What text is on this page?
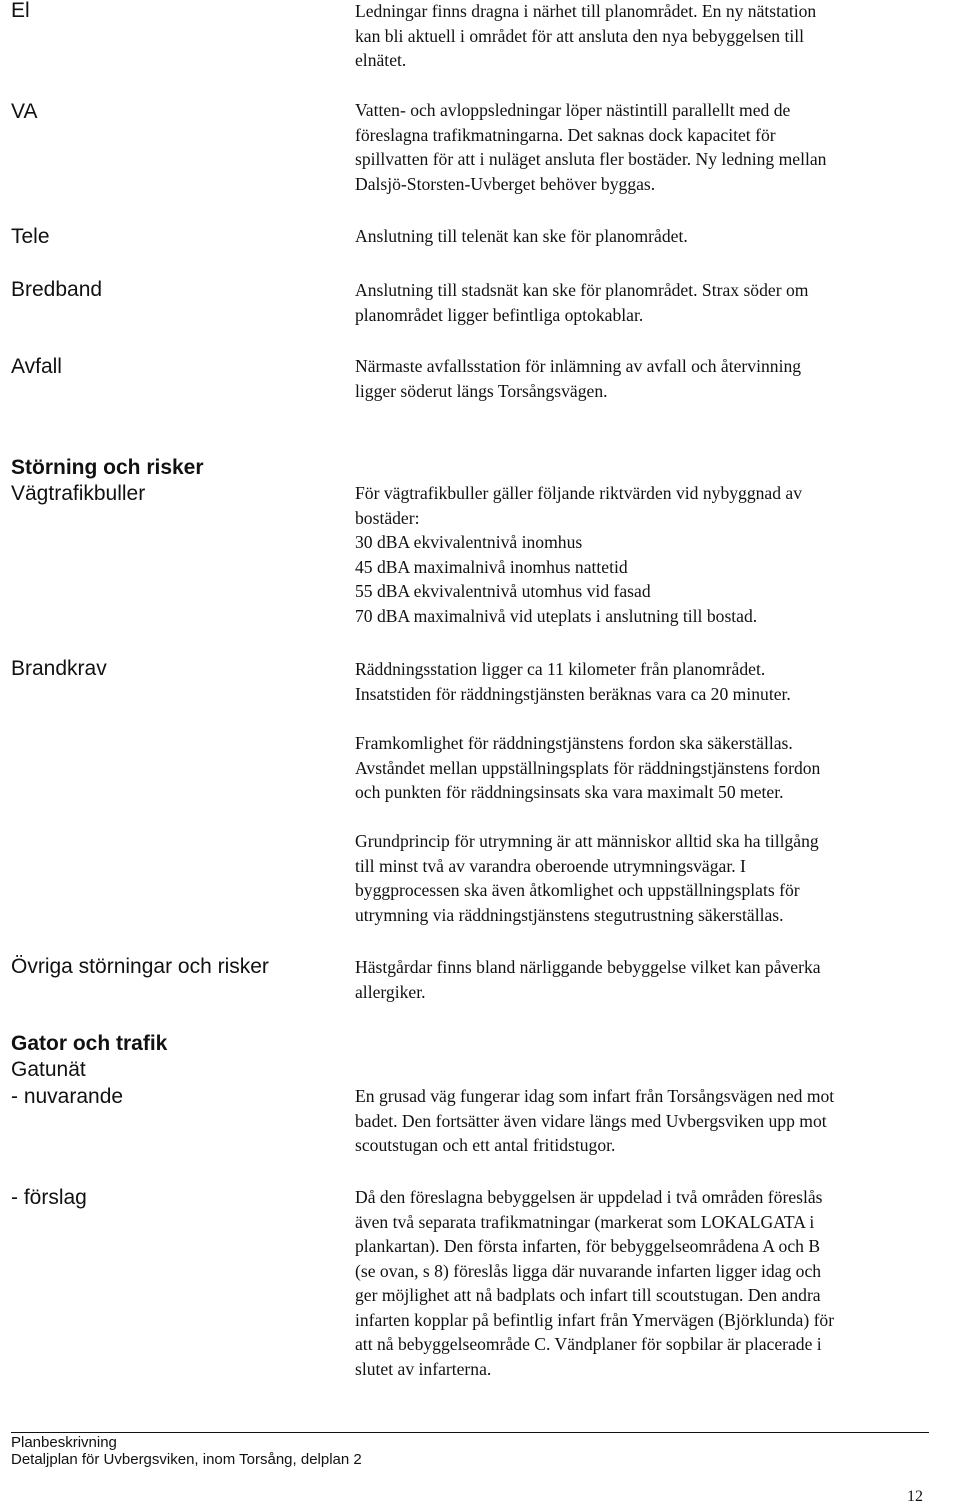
El	Ledningar finns dragna i närhet till planområdet. En ny nätstation
kan bli aktuell i området för att ansluta den nya bebyggelsen till
elnätet.
VA	Vatten- och avloppsledningar löper nästintill parallellt med de
föreslagna trafikmatningarna. Det saknas dock kapacitet för
spillvatten för att i nuläget ansluta fler bostäder. Ny ledning mellan
Dalsjö-Storsten-Uvberget behöver byggas.
Tele	Anslutning till telenät kan ske för planområdet.
Bredband	Anslutning till stadsnät kan ske för planområdet. Strax söder om
planområdet ligger befintliga optokablar.
Avfall	Närmaste avfallsstation för inlämning av avfall och återvinning
ligger söderut längs Torsångsvägen.
Störning och risker
Vägtrafikbuller	För vägtrafikbuller gäller följande riktvärden vid nybyggnad av
bostäder:
30 dBA ekvivalentnivå inomhus
45 dBA maximalnivå inomhus nattetid
55 dBA ekvivalentnivå utomhus vid fasad
70 dBA maximalnivå vid uteplats i anslutning till bostad.
Brandkrav	Räddningsstation ligger ca 11 kilometer från planområdet.
Insatstiden för räddningstjänsten beräknas vara ca 20 minuter.
Framkomlighet för räddningstjänstens fordon ska säkerställas.
Avståndet mellan uppställningsplats för räddningstjänstens fordon
och punkten för räddningsinsats ska vara maximalt 50 meter.
Grundprincip för utrymning är att människor alltid ska ha tillgång
till minst två av varandra oberoende utrymningsvägar. I
byggprocessen ska även åtkomlighet och uppställningsplats för
utrymning via räddningstjänstens stegutrustning säkerställas.
Övriga störningar och risker	Hästgårdar finns bland närliggande bebyggelse vilket kan påverka
allergiker.
Gator och trafik
Gatunät
- nuvarande	En grusad väg fungerar idag som infart från Torsångsvägen ned mot
badet. Den fortsätter även vidare längs med Uvbergsviken upp mot
scoutstugan och ett antal fritidstugor.
- förslag	Då den föreslagna bebyggelsen är uppdelad i två områden föreslås
även två separata trafikmatningar (markerat som LOKALGATA i
plankartan). Den första infarten, för bebyggelseområdena A och B
(se ovan, s 8) föreslås ligga där nuvarande infarten ligger idag och
ger möjlighet att nå badplats och infart till scoutstugan. Den andra
infarten kopplar på befintlig infart från Ymervägen (Björklunda) för
att nå bebyggelseområde C. Vändplaner för sopbilar är placerade i
slutet av infarterna.
Planbeskrivning
Detaljplan för Uvbergsviken, inom Torsång, delplan 2
12
